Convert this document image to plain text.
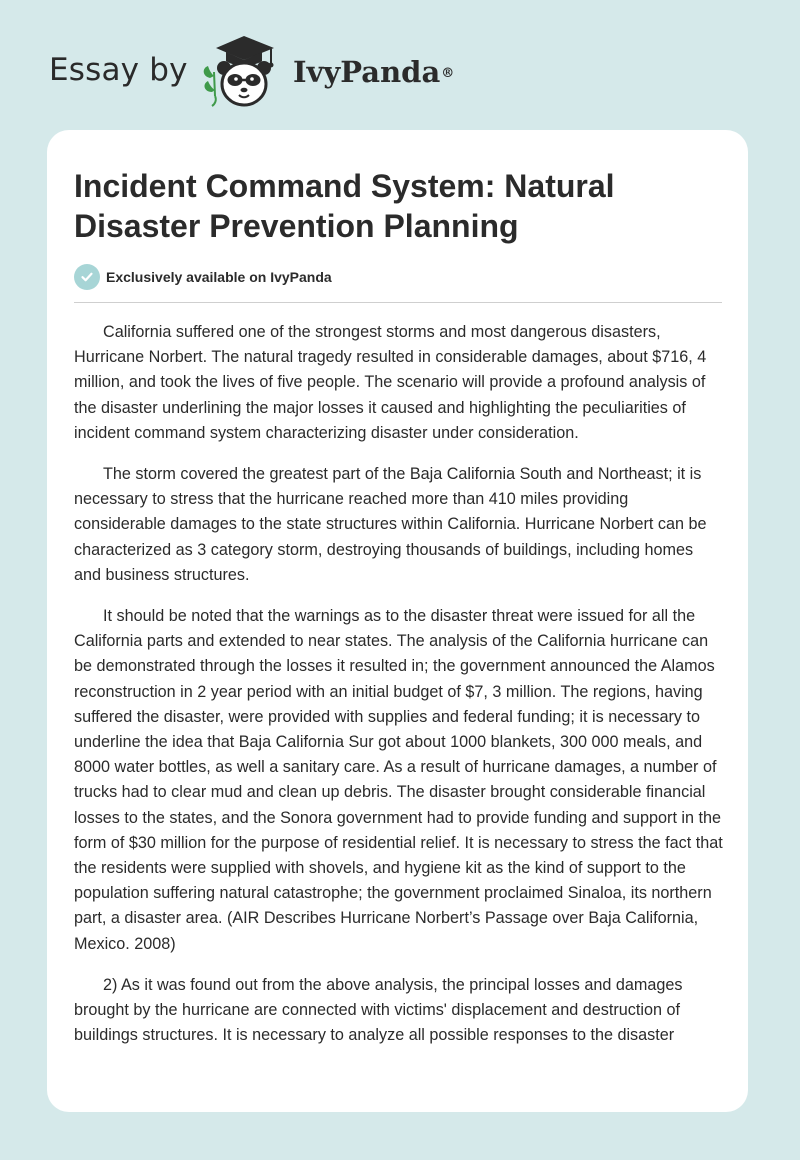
Essay by	IvyPanda®
Incident Command System: Natural Disaster Prevention Planning
Exclusively available on IvyPanda

California suffered one of the strongest storms and most dangerous disasters, Hurricane Norbert. The natural tragedy resulted in considerable damages, about $716, 4 million, and took the lives of five people. The scenario will provide a profound analysis of the disaster underlining the major losses it caused and highlighting the peculiarities of incident command system characterizing disaster under consideration.

The storm covered the greatest part of the Baja California South and Northeast; it is necessary to stress that the hurricane reached more than 410 miles providing considerable damages to the state structures within California. Hurricane Norbert can be characterized as 3 category storm, destroying thousands of buildings, including homes and business structures.

It should be noted that the warnings as to the disaster threat were issued for all the California parts and extended to near states. The analysis of the California hurricane can be demonstrated through the losses it resulted in; the government announced the Alamos reconstruction in 2 year period with an initial budget of $7, 3 million. The regions, having suffered the disaster, were provided with supplies and federal funding; it is necessary to underline the idea that Baja California Sur got about 1000 blankets, 300 000 meals, and 8000 water bottles, as well a sanitary care. As a result of hurricane damages, a number of trucks had to clear mud and clean up debris. The disaster brought considerable financial losses to the states, and the Sonora government had to provide funding and support in the form of $30 million for the purpose of residential relief. It is necessary to stress the fact that the residents were supplied with shovels, and hygiene kit as the kind of support to the population suffering natural catastrophe; the government proclaimed Sinaloa, its northern part, a disaster area. (AIR Describes Hurricane Norbert’s Passage over Baja California, Mexico. 2008)

2) As it was found out from the above analysis, the principal losses and damages brought by the hurricane are connected with victims' displacement and destruction of buildings structures. It is necessary to analyze all possible responses to the disaster
